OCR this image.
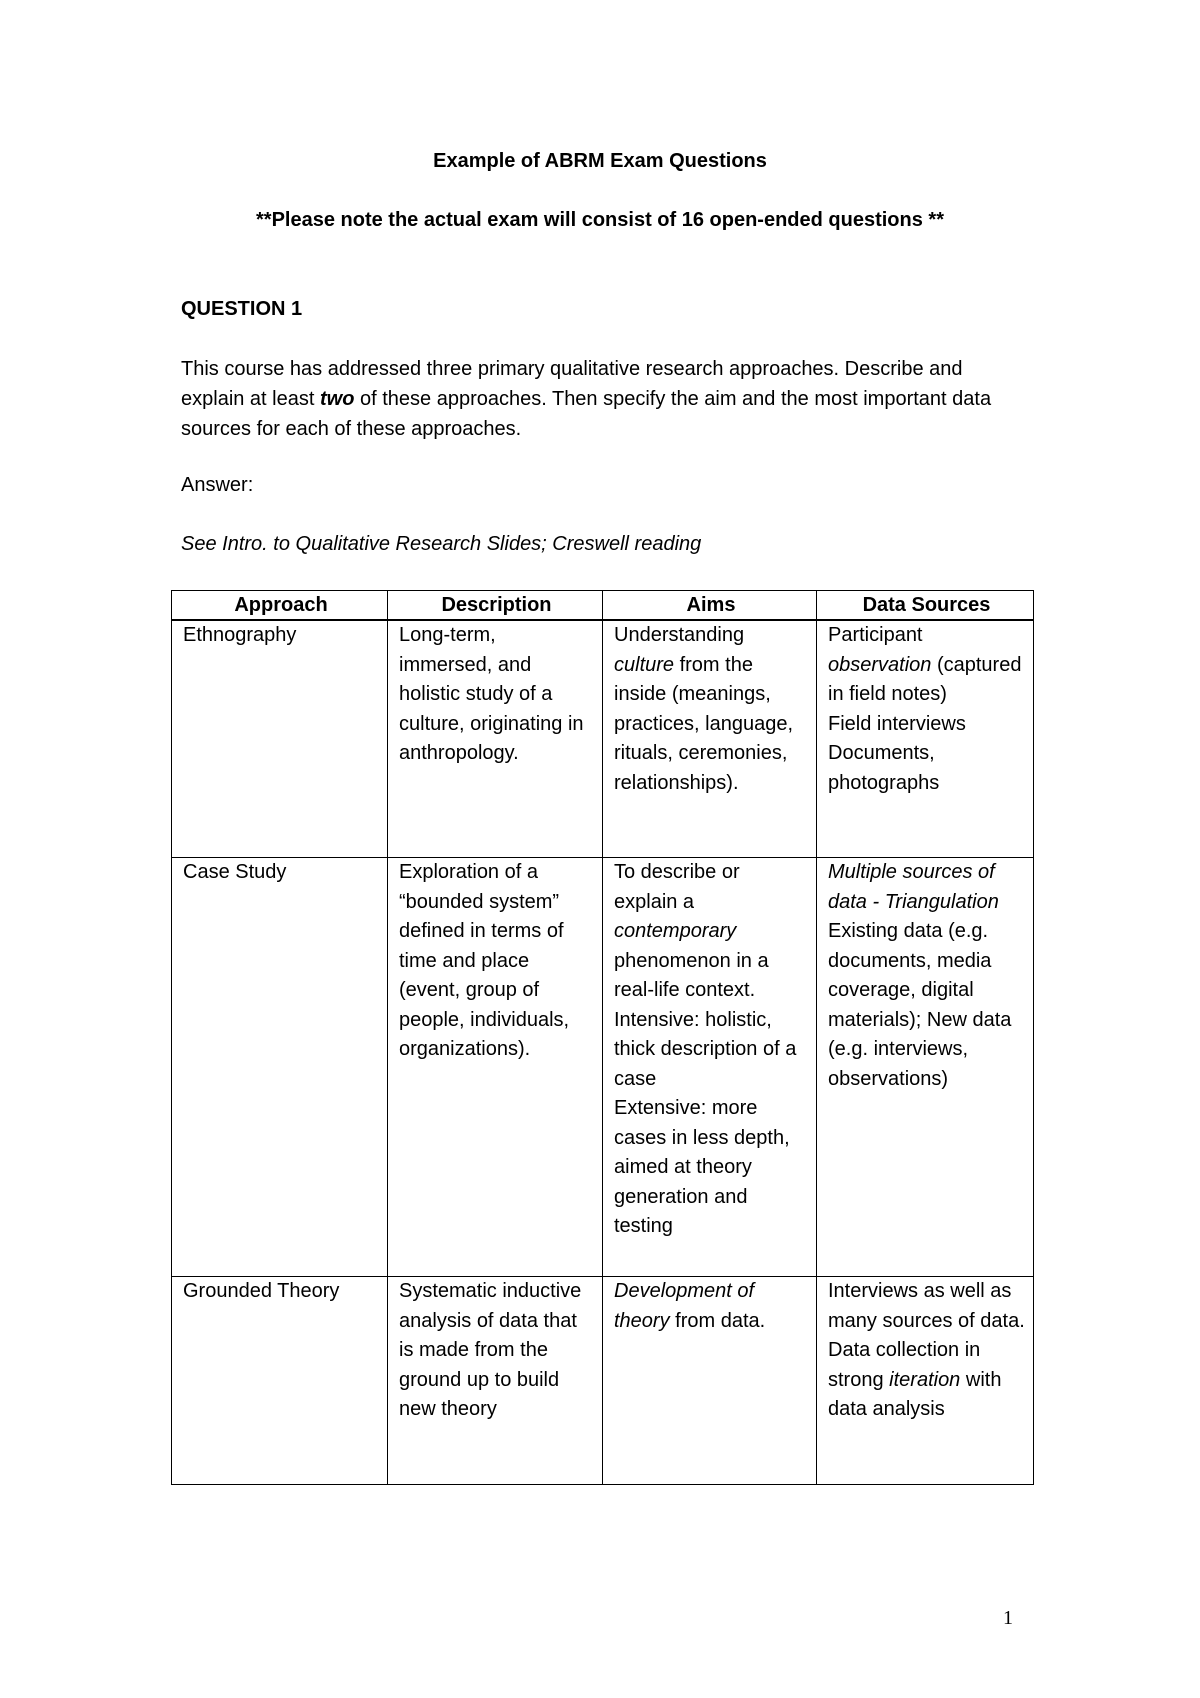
Example of ABRM Exam Questions
**Please note the actual exam will consist of 16 open-ended questions **
QUESTION 1
This course has addressed three primary qualitative research approaches. Describe and explain at least two of these approaches. Then specify the aim and the most important data sources for each of these approaches.
Answer:
See Intro. to Qualitative Research Slides; Creswell reading
Approach	Description	Aims	Data Sources
Ethnography	Long-term, immersed, and holistic study of a culture, originating in anthropology.	Understanding culture from the inside (meanings, practices, language, rituals, ceremonies, relationships).	Participant observation (captured in field notes)
Field interviews
Documents, photographs

Case Study	Exploration of a “bounded system” defined in terms of time and place (event, group of people, individuals, organizations).	To describe or explain a contemporary phenomenon in a real-life context.
Intensive: holistic, thick description of a case
Extensive: more cases in less depth, aimed at theory generation and testing	Multiple sources of data - Triangulation
Existing data (e.g. documents, media coverage, digital materials); New data (e.g. interviews, observations)

Grounded Theory	Systematic inductive analysis of data that is made from the ground up to build new theory	Development of theory from data.	Interviews as well as many sources of data.
Data collection in strong iteration with data analysis
1
